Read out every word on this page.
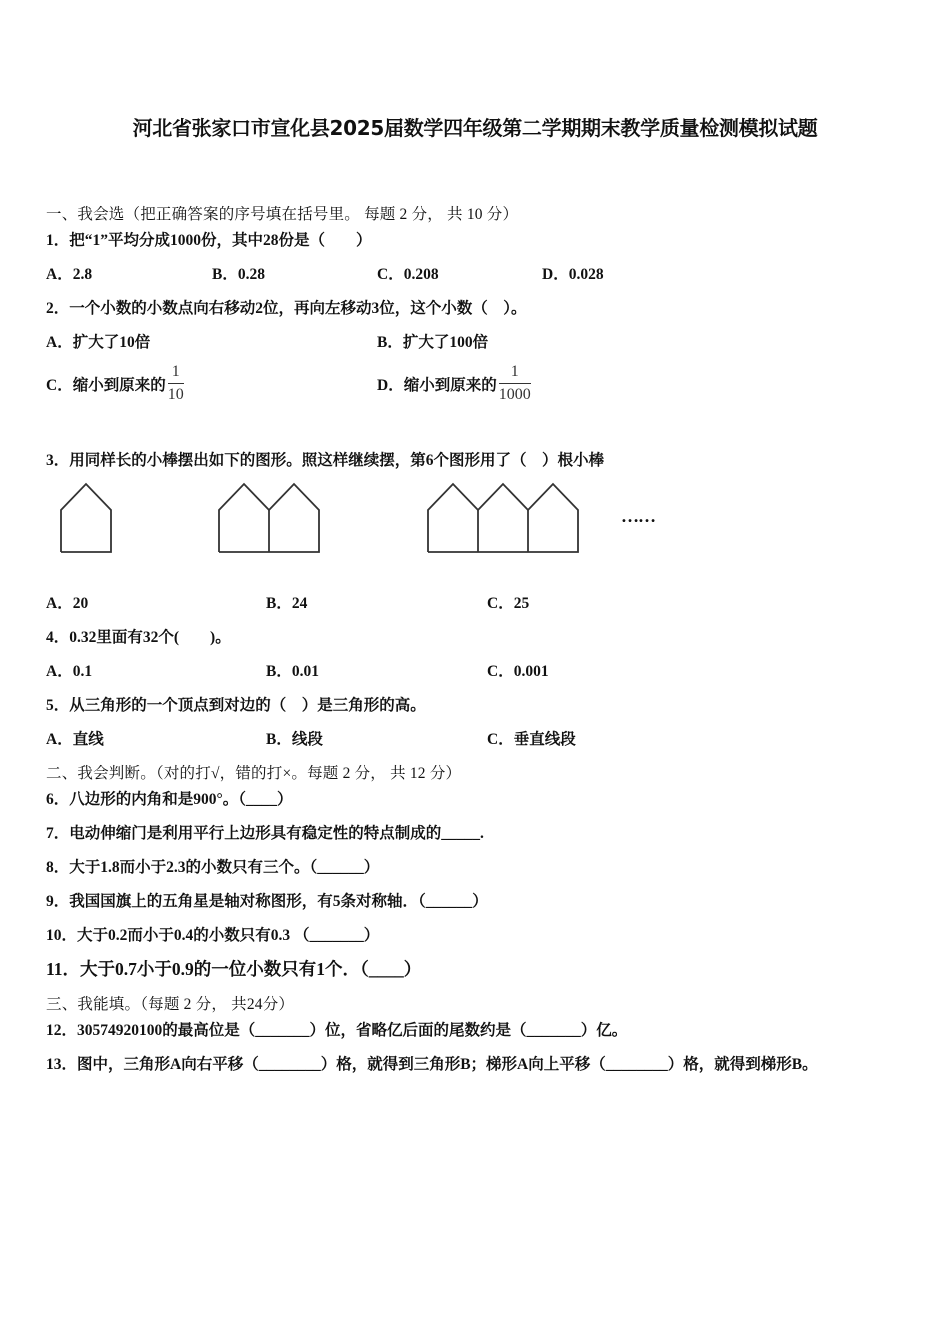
河北省张家口市宣化县2025届数学四年级第二学期期末教学质量检测模拟试题
一、我会选（把正确答案的序号填在括号里。 每题 2 分， 共 10 分）
1．把“1”平均分成1000份，其中28份是（　　）
A．2.8	B．0.28	C．0.208	D．0.028
2．一个小数的小数点向右移动2位，再向左移动3位，这个小数（　）。
A．扩大了10倍	B．扩大了100倍
C．缩小到原来的 $\frac{1}{10}$	D．缩小到原来的 $\frac{1}{1000}$
3．用同样长的小棒摆出如下的图形。照这样继续摆，第6个图形用了（　）根小棒
……
A．20	B．24	C．25
4．0.32里面有32个(　　)。
A．0.1	B．0.01	C．0.001
5．从三角形的一个顶点到对边的（　）是三角形的高。
A．直线	B．线段	C．垂直线段
二、我会判断。（对的打√，错的打×。每题 2 分， 共 12 分）
6．八边形的内角和是900°。（____）
7．电动伸缩门是利用平行上边形具有稳定性的特点制成的_____.
8．大于1.8而小于2.3的小数只有三个。（______）
9．我国国旗上的五角星是轴对称图形，有5条对称轴．（______）
10．大于0.2而小于0.4的小数只有0.3 （_______）
11．大于0.7小于0.9的一位小数只有1个．（____）
三、我能填。（每题 2 分， 共24分）
12．30574920100的最高位是（_______）位，省略亿后面的尾数约是（_______）亿。
13．图中，三角形A向右平移（________）格，就得到三角形B；梯形A向上平移（________）格，就得到梯形B。
